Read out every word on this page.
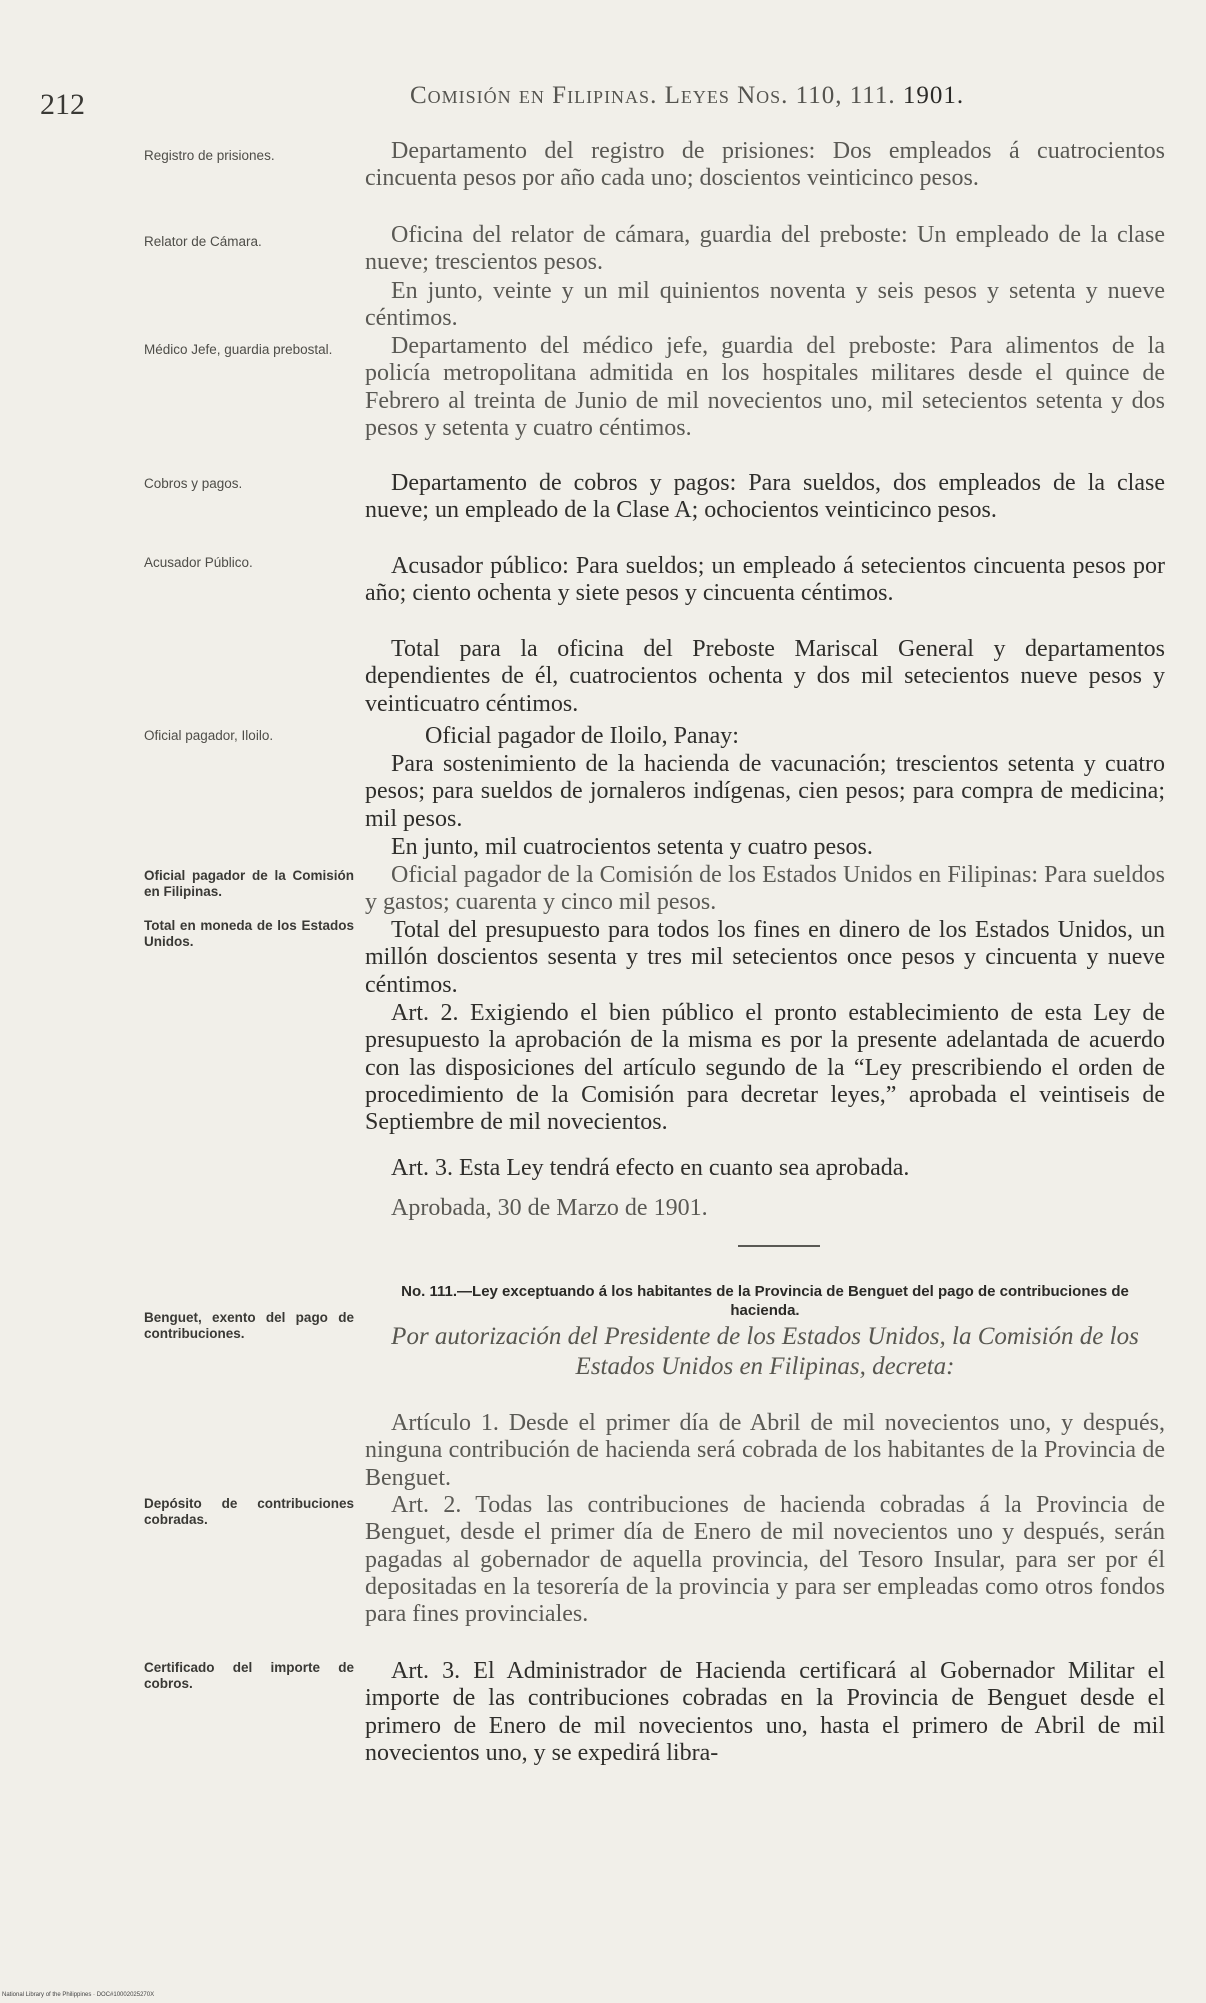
212	Comisión en Filipinas. Leyes Nos. 110, 111. 1901.
Registro de prisiones.
Relator de Cámara.
Médico Jefe, guardia prebostal.
Cobros y pagos.
Acusador Público.
Oficial pagador, Iloilo.
Oficial pagador de la Comisión en Filipinas.
Total en moneda de los Estados Unidos.
Benguet, exento del pago de contribuciones.
Depósito de contribuciones cobradas.
Certificado del importe de cobros.
Departamento del registro de prisiones: Dos empleados á cuatrocientos cincuenta pesos por año cada uno; doscientos veinticinco pesos.
Oficina del relator de cámara, guardia del preboste: Un empleado de la clase nueve; trescientos pesos.
En junto, veinte y un mil quinientos noventa y seis pesos y setenta y nueve céntimos.
Departamento del médico jefe, guardia del preboste: Para alimentos de la policía metropolitana admitida en los hospitales militares desde el quince de Febrero al treinta de Junio de mil novecientos uno, mil setecientos setenta y dos pesos y setenta y cuatro céntimos.
Departamento de cobros y pagos: Para sueldos, dos empleados de la clase nueve; un empleado de la Clase A; ochocientos veinticinco pesos.
Acusador público: Para sueldos; un empleado á setecientos cincuenta pesos por año; ciento ochenta y siete pesos y cincuenta céntimos.
Total para la oficina del Preboste Mariscal General y departamentos dependientes de él, cuatrocientos ochenta y dos mil setecientos nueve pesos y veinticuatro céntimos.
Oficial pagador de Iloilo, Panay:
Para sostenimiento de la hacienda de vacunación; trescientos setenta y cuatro pesos; para sueldos de jornaleros indígenas, cien pesos; para compra de medicina; mil pesos.
En junto, mil cuatrocientos setenta y cuatro pesos.
Oficial pagador de la Comisión de los Estados Unidos en Filipinas: Para sueldos y gastos; cuarenta y cinco mil pesos.
Total del presupuesto para todos los fines en dinero de los Estados Unidos, un millón doscientos sesenta y tres mil setecientos once pesos y cincuenta y nueve céntimos.
Art. 2. Exigiendo el bien público el pronto establecimiento de esta Ley de presupuesto la aprobación de la misma es por la presente adelantada de acuerdo con las disposiciones del artículo segundo de la “Ley prescribiendo el orden de procedimiento de la Comisión para decretar leyes,” aprobada el veintiseis de Septiembre de mil novecientos.
Art. 3. Esta Ley tendrá efecto en cuanto sea aprobada.
Aprobada, 30 de Marzo de 1901.
No. 111.—Ley exceptuando á los habitantes de la Provincia de Benguet del pago de contribuciones de hacienda.
Por autorización del Presidente de los Estados Unidos, la Comisión de los Estados Unidos en Filipinas, decreta:
Artículo 1. Desde el primer día de Abril de mil novecientos uno, y después, ninguna contribución de hacienda será cobrada de los habitantes de la Provincia de Benguet.
Art. 2. Todas las contribuciones de hacienda cobradas á la Provincia de Benguet, desde el primer día de Enero de mil novecientos uno y después, serán pagadas al gobernador de aquella provincia, del Tesoro Insular, para ser por él depositadas en la tesorería de la provincia y para ser empleadas como otros fondos para fines provinciales.
Art. 3. El Administrador de Hacienda certificará al Gobernador Militar el importe de las contribuciones cobradas en la Provincia de Benguet desde el primero de Enero de mil novecientos uno, hasta el primero de Abril de mil novecientos uno, y se expedirá libra-
National Library of the Philippines · DOC#10002025270X
